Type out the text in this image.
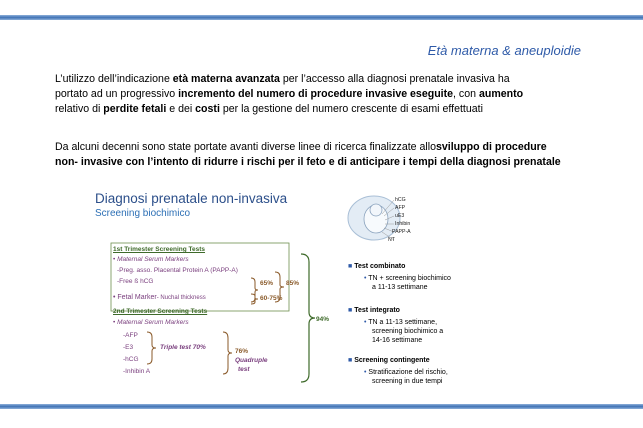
Età materna & aneuploidie
L’utilizzo dell’indicazione età materna avanzata per l’accesso alla diagnosi prenatale invasiva ha
portato ad un progressivo incremento del numero di procedure invasive eseguite, con aumento
relativo di perdite fetali e dei costi per la gestione del numero crescente di esami effettuati
Da alcuni decenni sono state portate avanti diverse linee di ricerca finalizzate allosviluppo di procedure
non- invasive con l’intento di ridurre i rischi per il feto e di anticipare i tempi della diagnosi prenatale
Diagnosi prenatale non-invasiva
Screening biochimico
1st Trimester Screening Tests
• Maternal Serum Markers
-Preg. asso. Placental Protein A (PAPP-A)
-Free ß hCG	65% 85%
• Fetal Marker- Nuchal thickness	60-75%
2nd Trimester Screening Tests
• Maternal Serum Markers
-AFP
-E3
-hCG
-Inhibin A
Triple test 70%
76%
Quadruple
test
94%
hCG
AFP
uE3
Inhibin
PAPP-A
NT
■ Test combinato
• TN + screening biochimico
a 11-13 settimane
■ Test integrato
• TN a 11-13 settimane,
screening biochimico a
14-16 settimane
■ Screening contingente
• Stratificazione del rischio,
screening in due tempi
